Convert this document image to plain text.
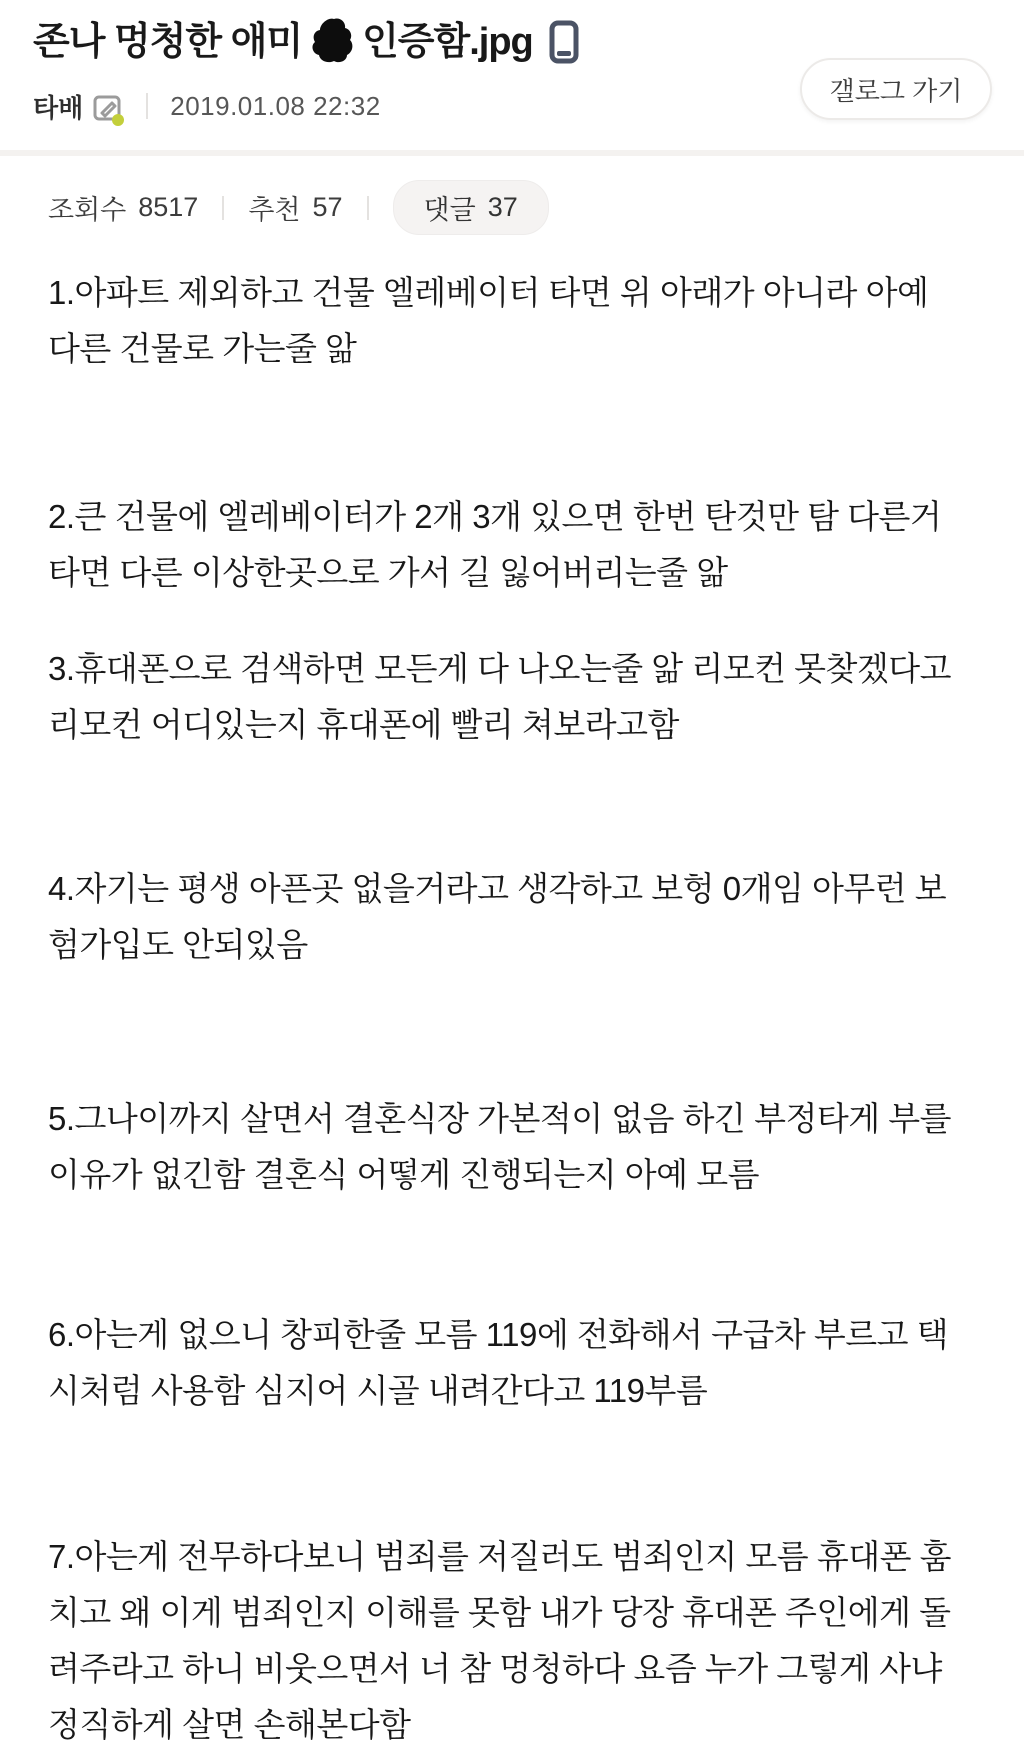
존나 멍청한 애미 인증함.jpg
타배	2019.01.08 22:32	갤로그 가기
조회수 8517 추천 57	댓글 37

1.아파트 제외하고 건물 엘레베이터 타면 위 아래가 아니라 아예
다른 건물로 가는줄 앎

2.큰 건물에 엘레베이터가 2개 3개 있으면 한번 탄것만 탐 다른거
타면 다른 이상한곳으로 가서 길 잃어버리는줄 앎

3.휴대폰으로 검색하면 모든게 다 나오는줄 앎 리모컨 못찾겠다고
리모컨 어디있는지 휴대폰에 빨리 쳐보라고함

4.자기는 평생 아픈곳 없을거라고 생각하고 보헝 0개임 아무런 보
험가입도 안되있음

5.그나이까지 살면서 결혼식장 가본적이 없음 하긴 부정타게 부를
이유가 없긴함 결혼식 어떻게 진행되는지 아예 모름

6.아는게 없으니 창피한줄 모름 119에 전화해서 구급차 부르고 택
시처럼 사용함 심지어 시골 내려간다고 119부름

7.아는게 전무하다보니 범죄를 저질러도 범죄인지 모름 휴대폰 훔
치고 왜 이게 범죄인지 이해를 못함 내가 당장 휴대폰 주인에게 돌
려주라고 하니 비웃으면서 너 참 멍청하다 요즘 누가 그렇게 사냐
정직하게 살면 손해본다함
